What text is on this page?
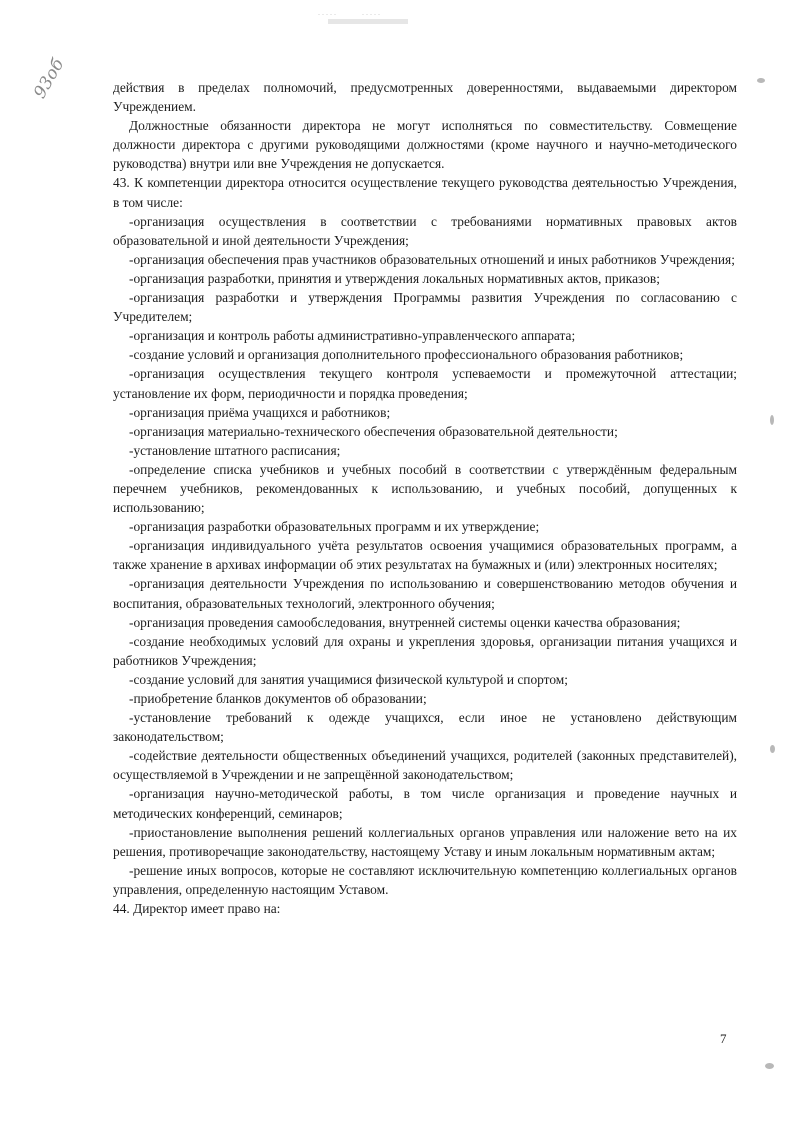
.....      .....
93об	действия в пределах полномочий, предусмотренных доверенностями, выдаваемыми директором Учреждением.

Должностные обязанности директора не могут исполняться по совместительству. Совмещение должности директора с другими руководящими должностями (кроме научного и научно-методического руководства) внутри или вне Учреждения не допускается.

43. К компетенции директора относится осуществление текущего руководства деятельностью Учреждения, в том числе:

-организация осуществления в соответствии с требованиями нормативных правовых актов образовательной и иной деятельности Учреждения;

-организация обеспечения прав участников образовательных отношений и иных работников Учреждения;

-организация разработки, принятия и утверждения локальных нормативных актов, приказов;

-организация разработки и утверждения Программы развития Учреждения по согласованию с Учредителем;

-организация и контроль работы административно-управленческого аппарата;

-создание условий и организация дополнительного профессионального образования работников;

-организация осуществления текущего контроля успеваемости и промежуточной аттестации; установление их форм, периодичности и порядка проведения;

-организация приёма учащихся и работников;

-организация материально-технического обеспечения образовательной деятельности;

-установление штатного расписания;

-определение списка учебников и учебных пособий в соответствии с утверждённым федеральным перечнем учебников, рекомендованных к использованию, и учебных пособий, допущенных к использованию;

-организация разработки образовательных программ и их утверждение;

-организация индивидуального учёта результатов освоения учащимися образовательных программ, а также хранение в архивах информации об этих результатах на бумажных и (или) электронных носителях;

-организация деятельности Учреждения по использованию и совершенствованию методов обучения и воспитания, образовательных технологий, электронного обучения;

-организация проведения самообследования, внутренней системы оценки качества образования;

-создание необходимых условий для охраны и укрепления здоровья, организации питания учащихся и работников Учреждения;

-создание условий для занятия учащимися физической культурой и спортом;

-приобретение бланков документов об образовании;

-установление требований к одежде учащихся, если иное не установлено действующим законодательством;

-содействие деятельности общественных объединений учащихся, родителей (законных представителей), осуществляемой в Учреждении и не запрещённой законодательством;

-организация научно-методической работы, в том числе организация и проведение научных и методических конференций, семинаров;

-приостановление выполнения решений коллегиальных органов управления или наложение вето на их решения, противоречащие законодательству, настоящему Уставу и иным локальным нормативным актам;

-решение иных вопросов, которые не составляют исключительную компетенцию коллегиальных органов управления, определенную настоящим Уставом.

44. Директор имеет право на:

7
